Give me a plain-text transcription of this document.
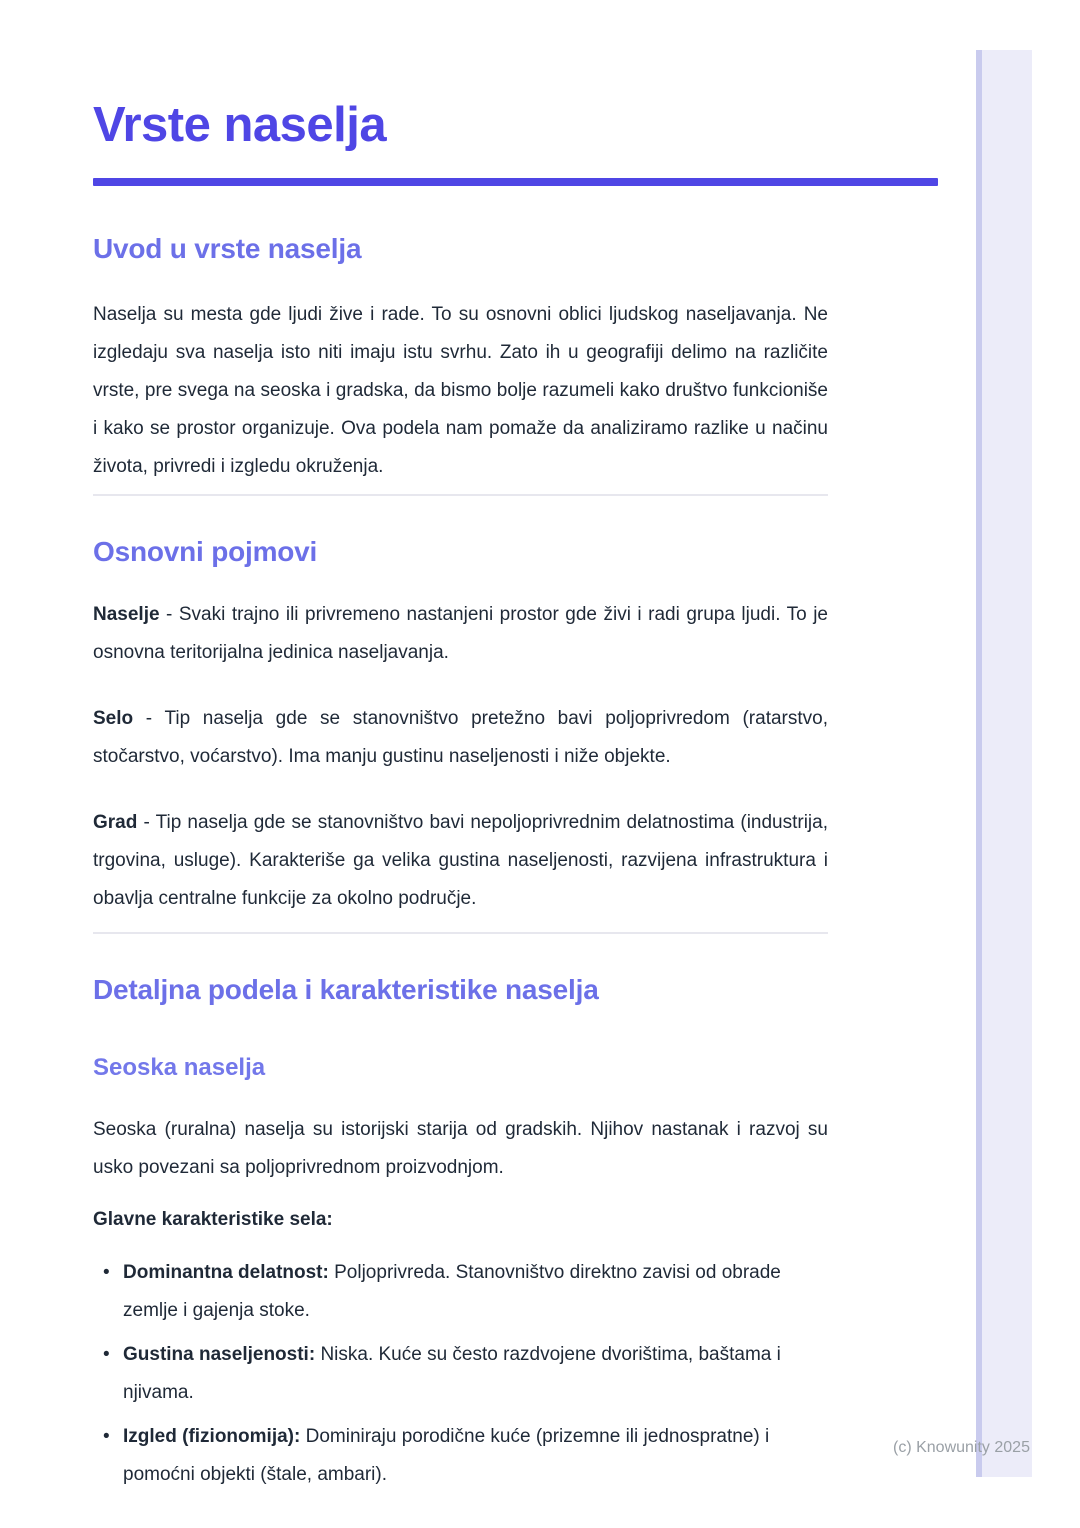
Vrste naselja
Uvod u vrste naselja

Naselja su mesta gde ljudi žive i rade. To su osnovni oblici ljudskog naseljavanja. Ne izgledaju sva naselja isto niti imaju istu svrhu. Zato ih u geografiji delimo na različite vrste, pre svega na seoska i gradska, da bismo bolje razumeli kako društvo funkcioniše i kako se prostor organizuje. Ova podela nam pomaže da analiziramo razlike u načinu života, privredi i izgledu okruženja.

Osnovni pojmovi

Naselje - Svaki trajno ili privremeno nastanjeni prostor gde živi i radi grupa ljudi. To je osnovna teritorijalna jedinica naseljavanja.

Selo - Tip naselja gde se stanovništvo pretežno bavi poljoprivredom (ratarstvo, stočarstvo, voćarstvo). Ima manju gustinu naseljenosti i niže objekte.

Grad - Tip naselja gde se stanovništvo bavi nepoljoprivrednim delatnostima (industrija, trgovina, usluge). Karakteriše ga velika gustina naseljenosti, razvijena infrastruktura i obavlja centralne funkcije za okolno područje.

Detaljna podela i karakteristike naselja
Seoska naselja

Seoska (ruralna) naselja su istorijski starija od gradskih. Njihov nastanak i razvoj su usko povezani sa poljoprivrednom proizvodnjom.

Glavne karakteristike sela:

• Dominantna delatnost: Poljoprivreda. Stanovništvo direktno zavisi od obrade zemlje i gajenja stoke.
• Gustina naseljenosti: Niska. Kuće su često razdvojene dvorištima, baštama i njivama.
• Izgled (fizionomija): Dominiraju porodične kuće (prizemne ili jednospratne) i pomoćni objekti (štale, ambari).
(c) Knowunity 2025
